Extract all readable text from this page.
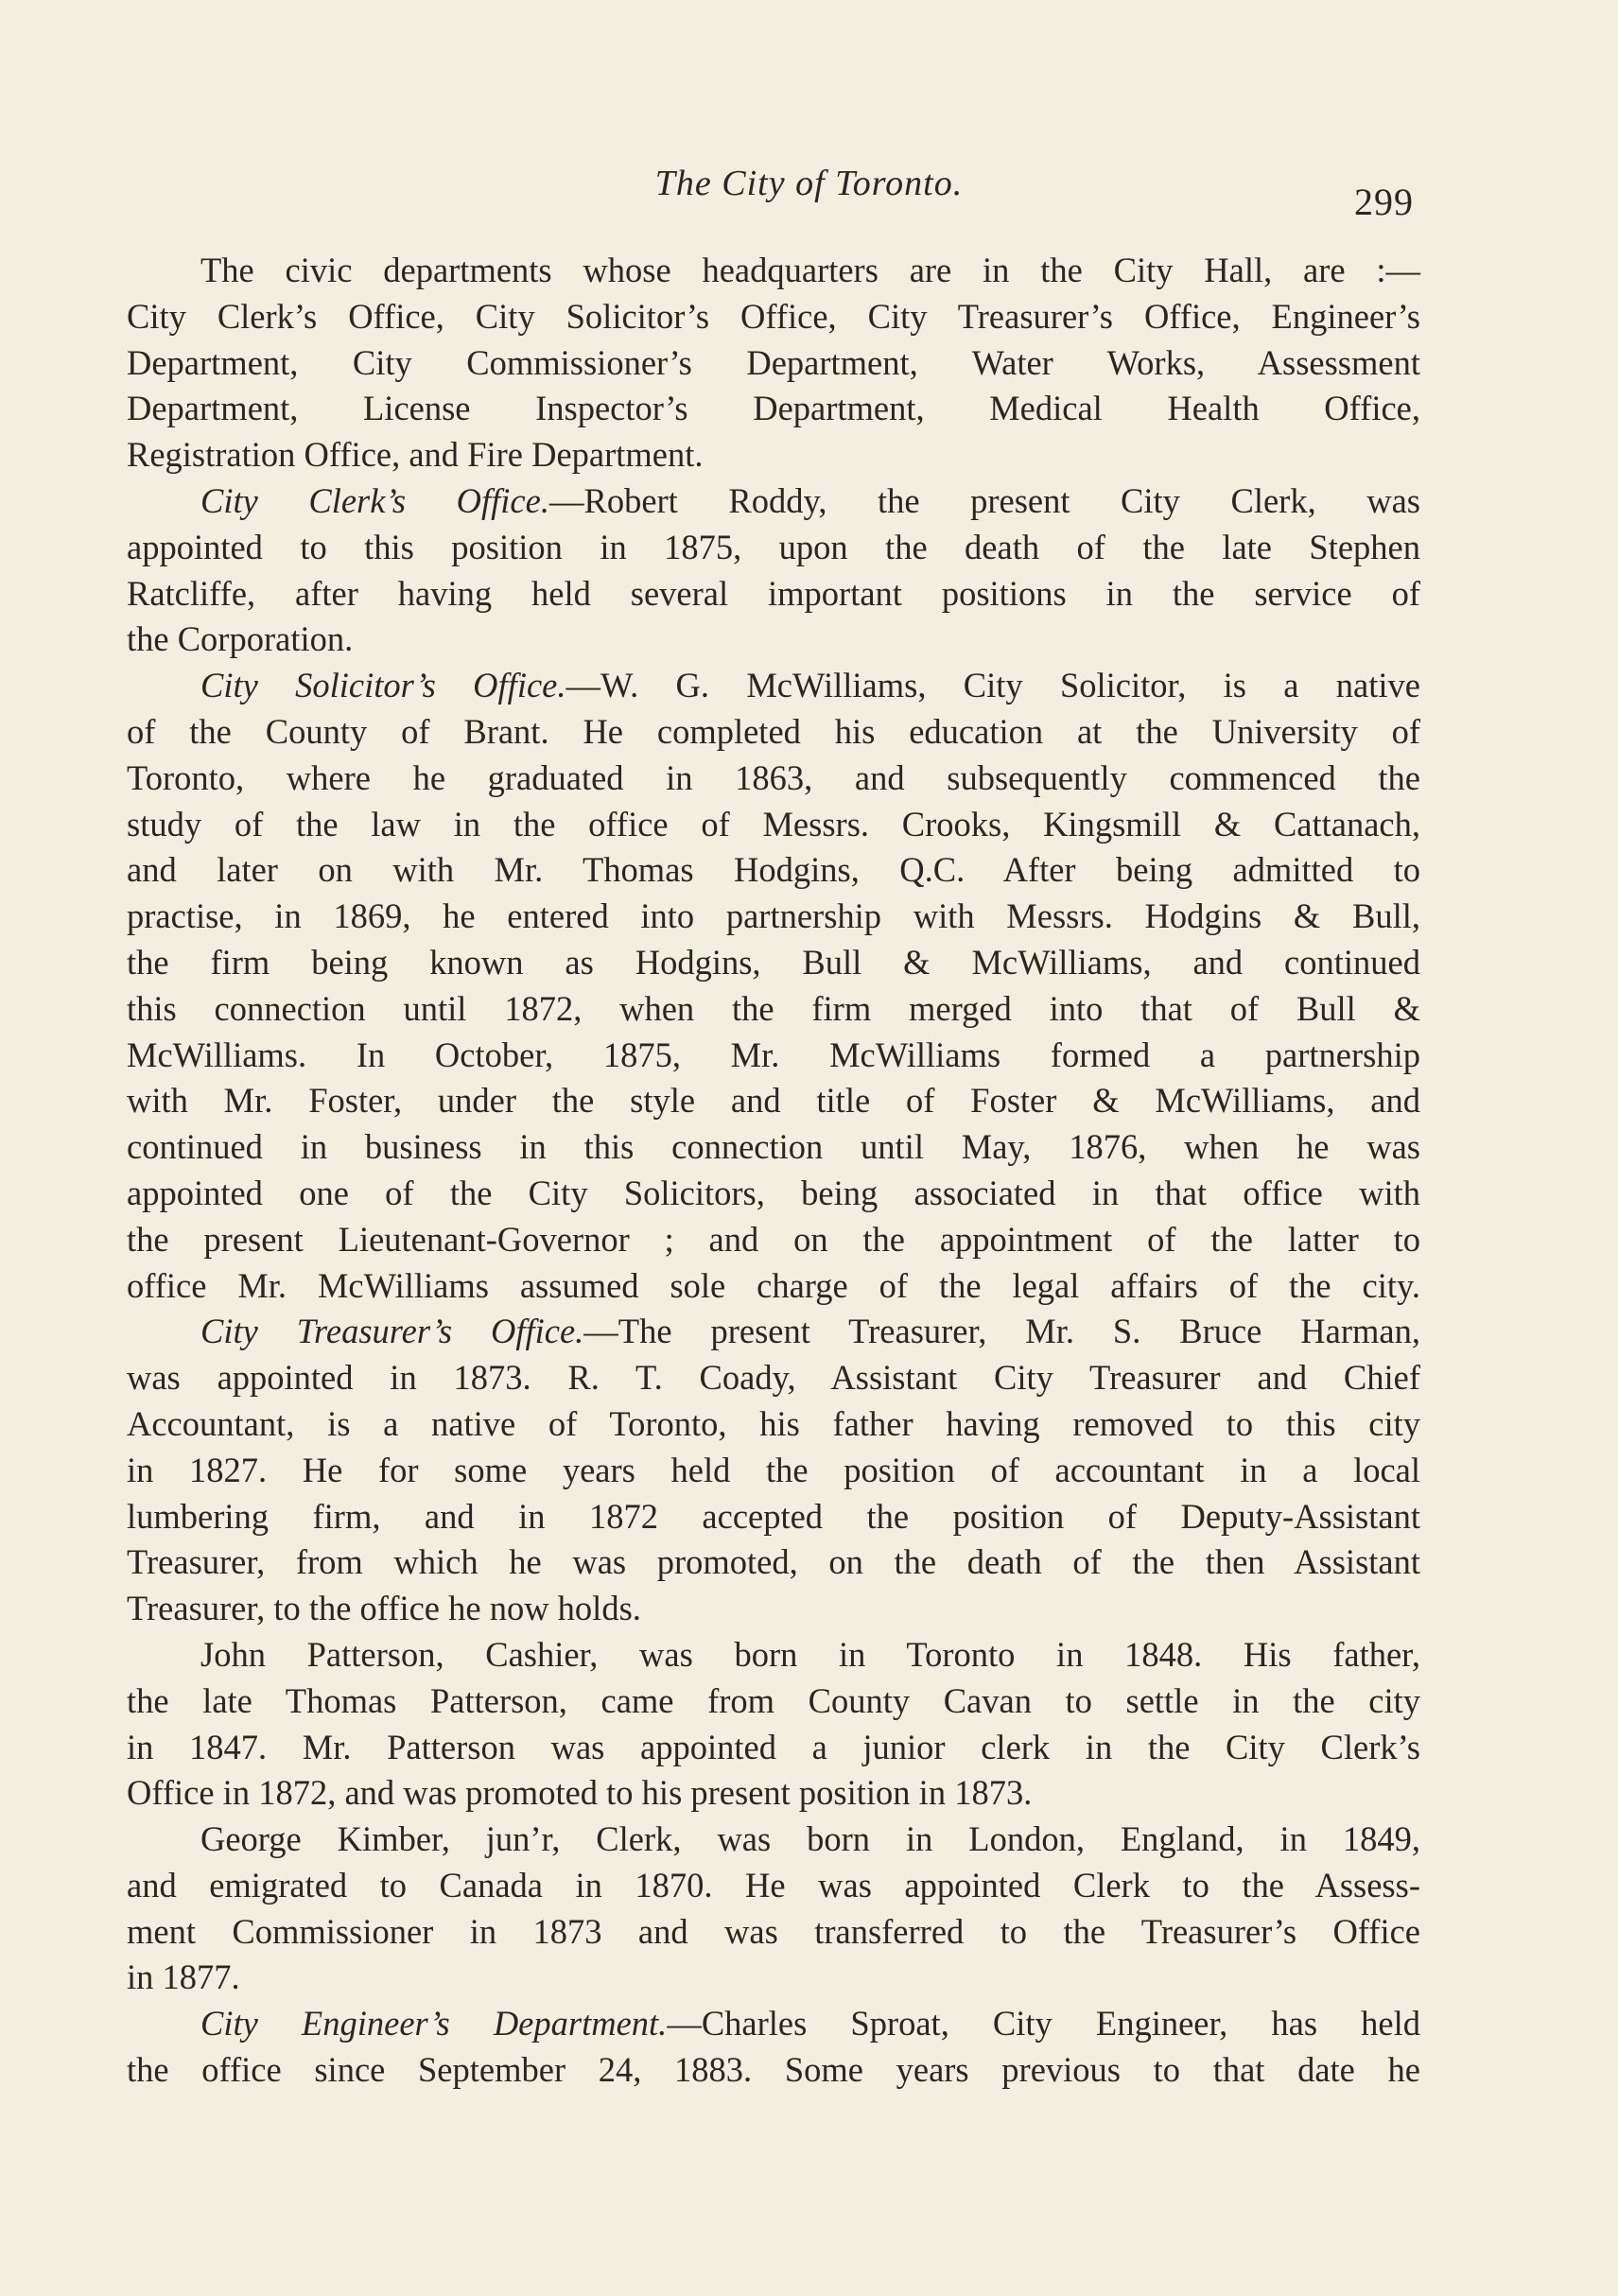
The City of Toronto.	299
The civic departments whose headquarters are in the City Hall, are :—
City Clerk’s Office, City Solicitor’s Office, City Treasurer’s Office, Engineer’s
Department, City Commissioner’s Department, Water Works, Assessment
Department, License Inspector’s Department, Medical Health Office,
Registration Office, and Fire Department.
City Clerk’s Office.—Robert Roddy, the present City Clerk, was
appointed to this position in 1875, upon the death of the late Stephen
Ratcliffe, after having held several important positions in the service of
the Corporation.
City Solicitor’s Office.—W. G. McWilliams, City Solicitor, is a native
of the County of Brant. He completed his education at the University of
Toronto, where he graduated in 1863, and subsequently commenced the
study of the law in the office of Messrs. Crooks, Kingsmill & Cattanach,
and later on with Mr. Thomas Hodgins, Q.C. After being admitted to
practise, in 1869, he entered into partnership with Messrs. Hodgins & Bull,
the firm being known as Hodgins, Bull & McWilliams, and continued
this connection until 1872, when the firm merged into that of Bull &
McWilliams. In October, 1875, Mr. McWilliams formed a partnership
with Mr. Foster, under the style and title of Foster & McWilliams, and
continued in business in this connection until May, 1876, when he was
appointed one of the City Solicitors, being associated in that office with
the present Lieutenant-Governor ; and on the appointment of the latter to
office Mr. McWilliams assumed sole charge of the legal affairs of the city.
City Treasurer’s Office.—The present Treasurer, Mr. S. Bruce Harman,
was appointed in 1873. R. T. Coady, Assistant City Treasurer and Chief
Accountant, is a native of Toronto, his father having removed to this city
in 1827. He for some years held the position of accountant in a local
lumbering firm, and in 1872 accepted the position of Deputy-Assistant
Treasurer, from which he was promoted, on the death of the then Assistant
Treasurer, to the office he now holds.
John Patterson, Cashier, was born in Toronto in 1848. His father,
the late Thomas Patterson, came from County Cavan to settle in the city
in 1847. Mr. Patterson was appointed a junior clerk in the City Clerk’s
Office in 1872, and was promoted to his present position in 1873.
George Kimber, jun’r, Clerk, was born in London, England, in 1849,
and emigrated to Canada in 1870. He was appointed Clerk to the Assess-
ment Commissioner in 1873 and was transferred to the Treasurer’s Office
in 1877.
City Engineer’s Department.—Charles Sproat, City Engineer, has held
the office since September 24, 1883. Some years previous to that date he
